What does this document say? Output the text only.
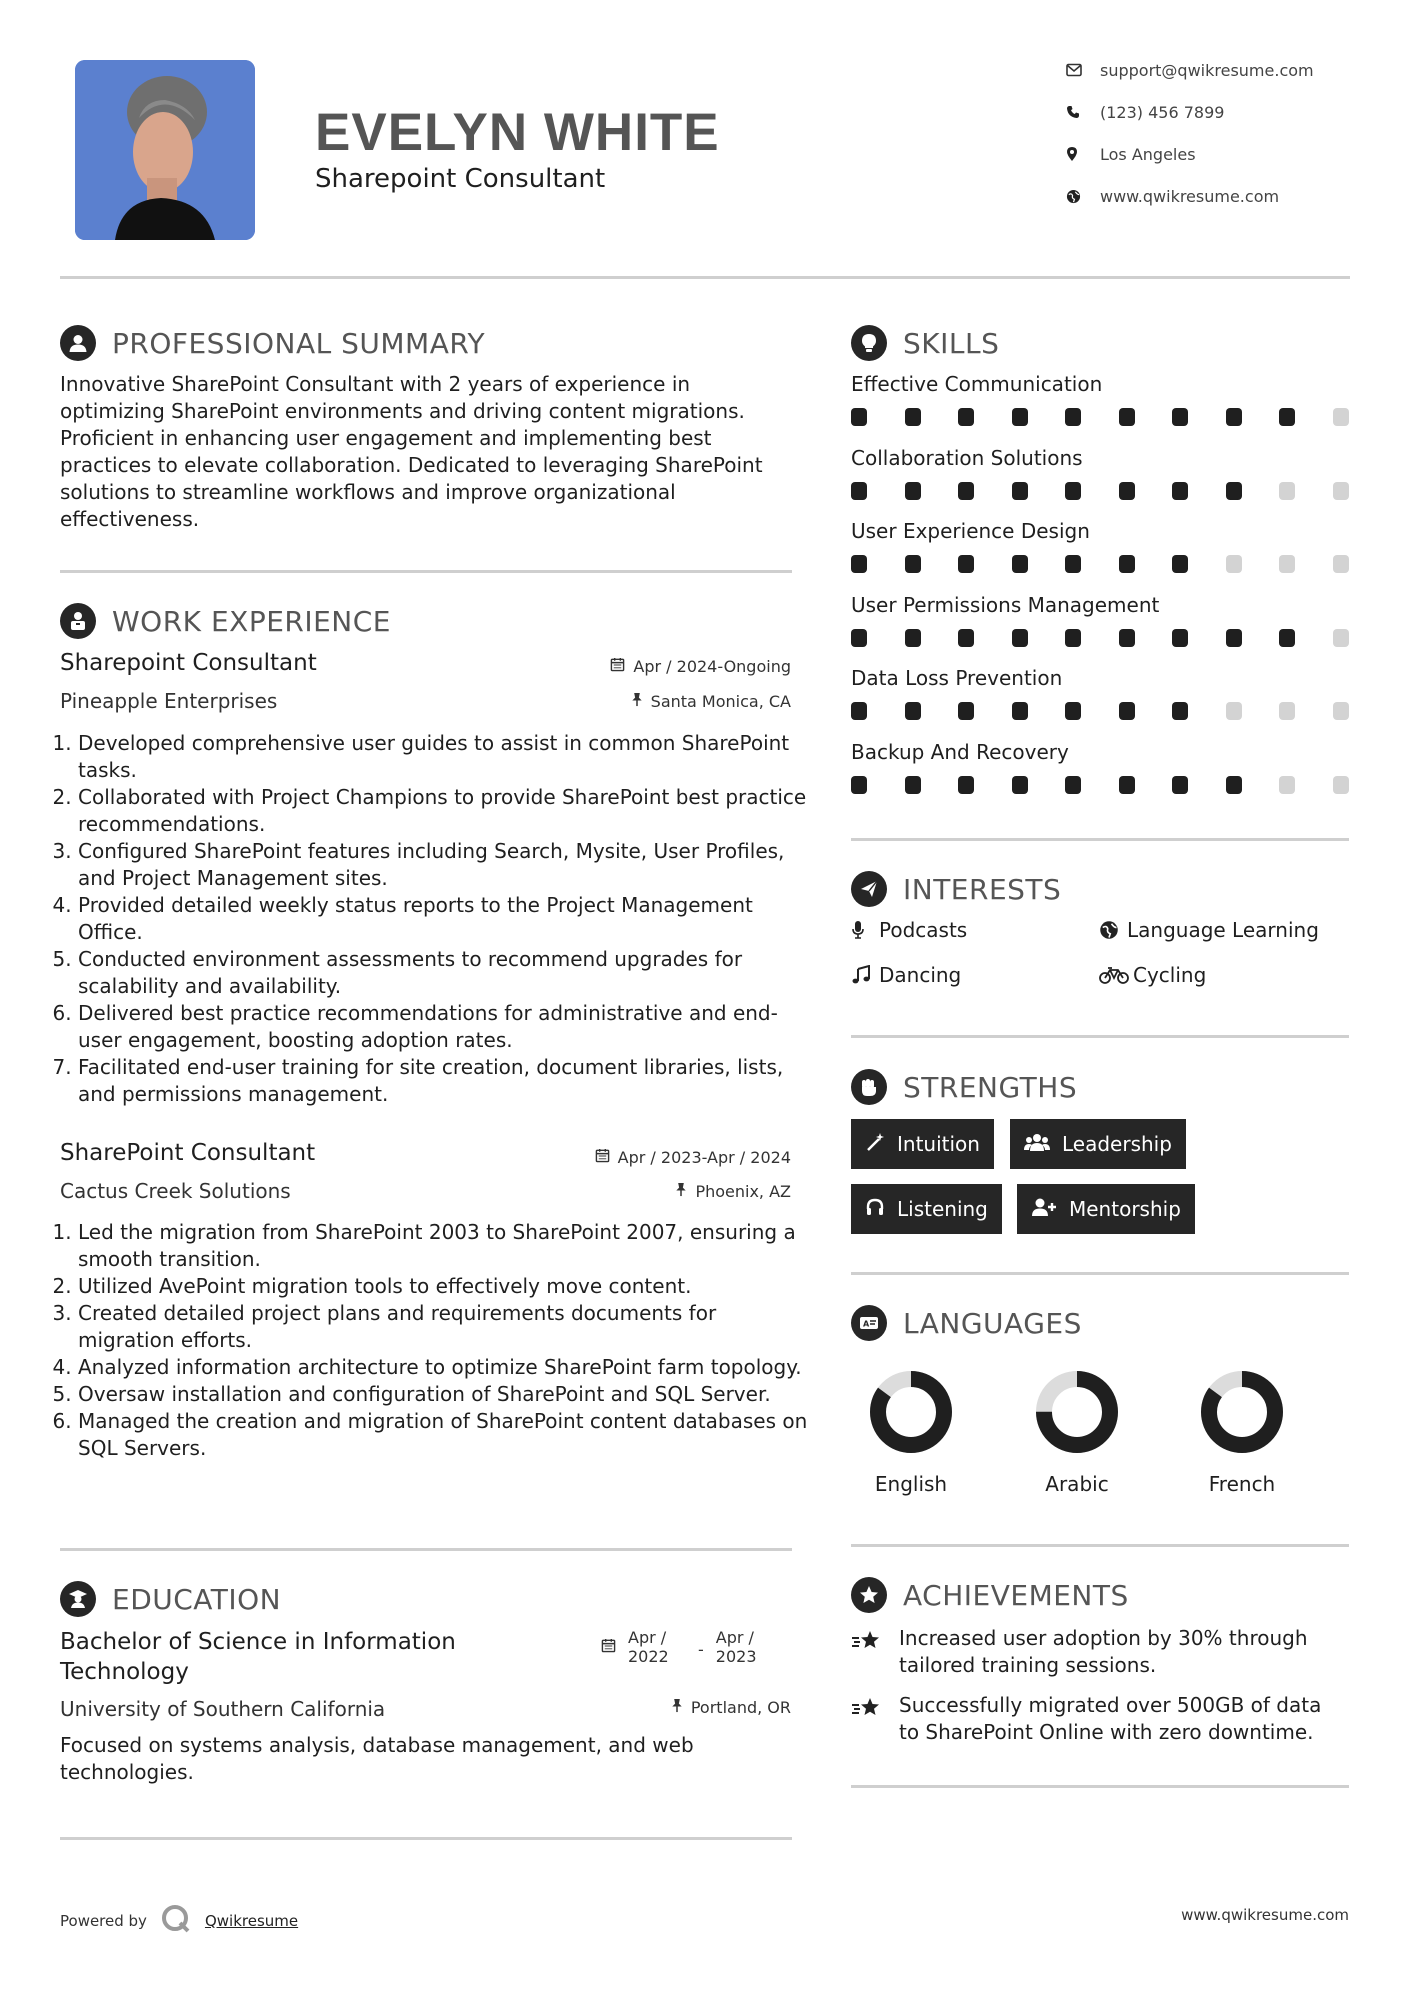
EVELYN WHITE
Sharepoint Consultant
support@qwikresume.com
(123) 456 7899
Los Angeles
www.qwikresume.com
PROFESSIONAL SUMMARY
Innovative SharePoint Consultant with 2 years of experience in optimizing SharePoint environments and driving content migrations. Proficient in enhancing user engagement and implementing best practices to elevate collaboration. Dedicated to leveraging SharePoint solutions to streamline workflows and improve organizational effectiveness.
WORK EXPERIENCE
Sharepoint Consultant	Apr / 2024-Ongoing
Pineapple Enterprises	Santa Monica, CA
1. Developed comprehensive user guides to assist in common SharePoint tasks.
2. Collaborated with Project Champions to provide SharePoint best practice recommendations.
3. Configured SharePoint features including Search, Mysite, User Profiles, and Project Management sites.
4. Provided detailed weekly status reports to the Project Management Office.
5. Conducted environment assessments to recommend upgrades for scalability and availability.
6. Delivered best practice recommendations for administrative and end-user engagement, boosting adoption rates.
7. Facilitated end-user training for site creation, document libraries, lists, and permissions management.
SharePoint Consultant	Apr / 2023-Apr / 2024
Cactus Creek Solutions	Phoenix, AZ
1. Led the migration from SharePoint 2003 to SharePoint 2007, ensuring a smooth transition.
2. Utilized AvePoint migration tools to effectively move content.
3. Created detailed project plans and requirements documents for migration efforts.
4. Analyzed information architecture to optimize SharePoint farm topology.
5. Oversaw installation and configuration of SharePoint and SQL Server.
6. Managed the creation and migration of SharePoint content databases on SQL Servers.
EDUCATION
Bachelor of Science in Information Technology
Apr / 2022	-
Apr / 2023
University of Southern California	Portland, OR
Focused on systems analysis, database management, and web technologies.
SKILLS
Effective Communication
Collaboration Solutions
User Experience Design
User Permissions Management
Data Loss Prevention
Backup And Recovery
INTERESTS
Podcasts	Language Learning
Dancing	Cycling
STRENGTHS
Intuition	Leadership
Listening	Mentorship
A LANGUAGES
English	Arabic	French
ACHIEVEMENTS
Increased user adoption by 30% through tailored training sessions.
Successfully migrated over 500GB of data to SharePoint Online with zero downtime.
Powered by	Qwikresume	www.qwikresume.com
